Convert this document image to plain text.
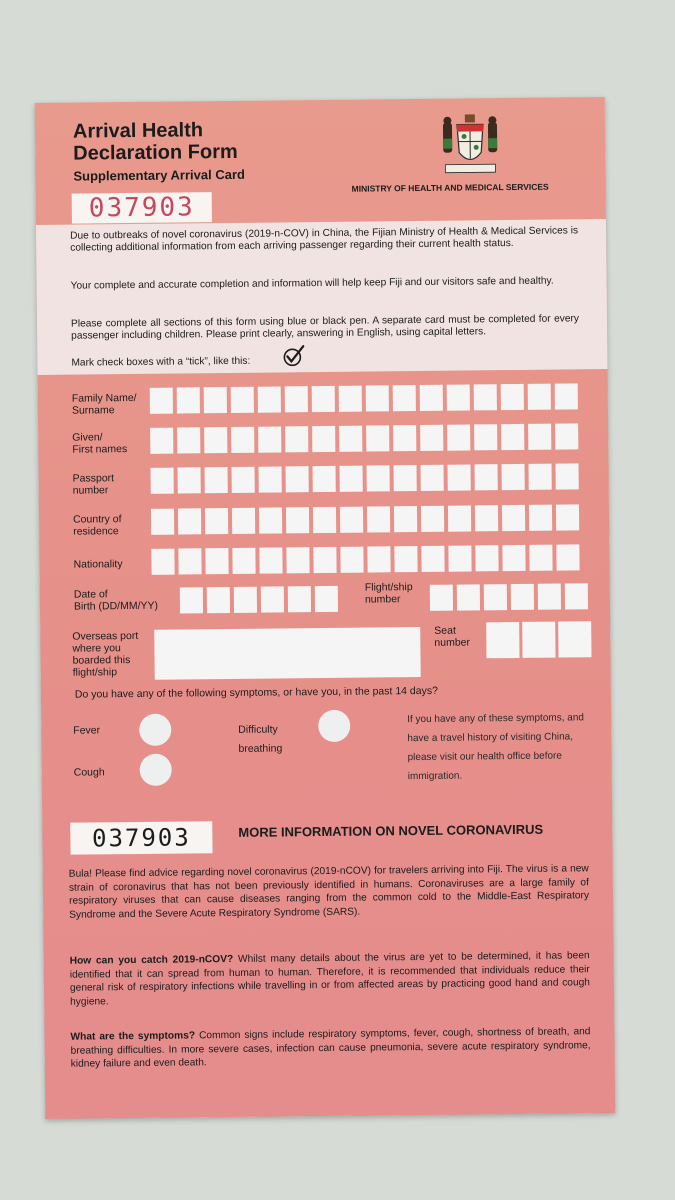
Arrival Health
Declaration Form
Supplementary Arrival Card
037903
MINISTRY OF HEALTH AND MEDICAL SERVICES

Due to outbreaks of novel coronavirus (2019-n-COV) in China, the Fijian Ministry of Health & Medical Services is collecting additional information from each arriving passenger regarding their current health status.

Your complete and accurate completion and information will help keep Fiji and our visitors safe and healthy.

Please complete all sections of this form using blue or black pen. A separate card must be completed for every passenger including children. Please print clearly, answering in English, using capital letters.

Mark check boxes with a “tick”, like this:
Family Name/
Surname
Given/
First names
Passport
number
Country of
residence
Nationality
Date of
Birth (DD/MM/YY)
Flight/ship
number
Overseas port
where you
boarded this
flight/ship
Seat
number
Do you have any of the following symptoms, or have you, in the past 14 days?
Fever	Difficulty
breathing
Cough
If you have any of these symptoms, and have a travel history of visiting China, please visit our health office before immigration.
037903	MORE INFORMATION ON NOVEL CORONAVIRUS

Bula! Please find advice regarding novel coronavirus (2019-nCOV) for travelers arriving into Fiji. The virus is a new strain of coronavirus that has not been previously identified in humans. Coronaviruses are a large family of respiratory viruses that can cause diseases ranging from the common cold to the Middle-East Respiratory Syndrome and the Severe Acute Respiratory Syndrome (SARS).

How can you catch 2019-nCOV? Whilst many details about the virus are yet to be determined, it has been identified that it can spread from human to human. Therefore, it is recommended that individuals reduce their general risk of respiratory infections while travelling in or from affected areas by practicing good hand and cough hygiene.

What are the symptoms? Common signs include respiratory symptoms, fever, cough, shortness of breath, and breathing difficulties. In more severe cases, infection can cause pneumonia, severe acute respiratory syndrome, kidney failure and even death.
